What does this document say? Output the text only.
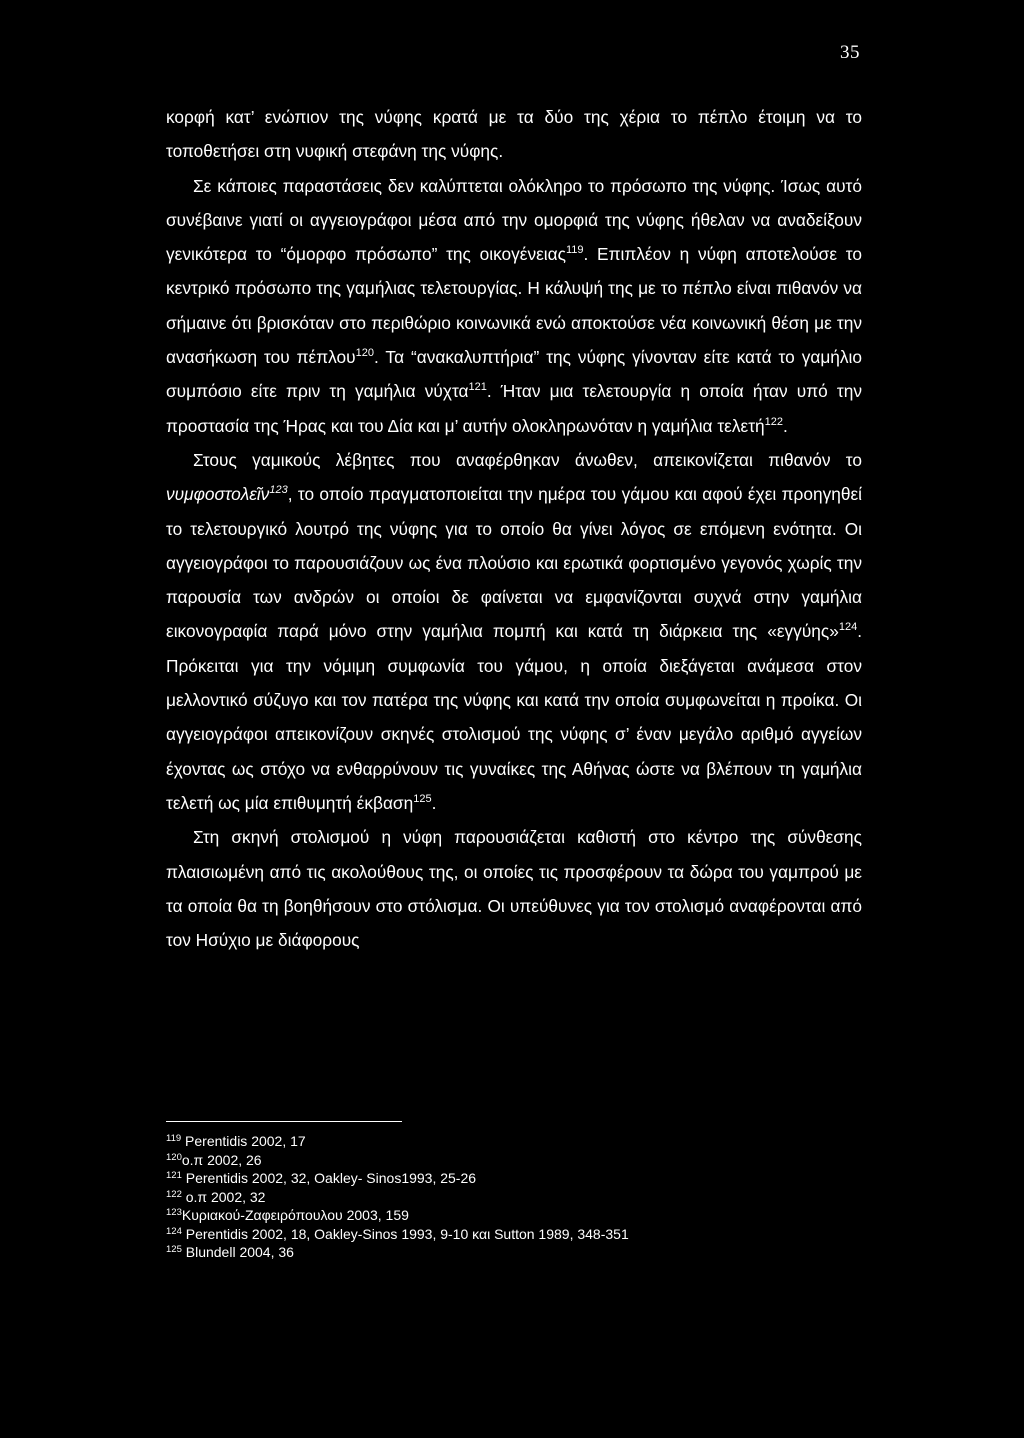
35

κορφή κατ’ ενώπιον της νύφης κρατά με τα δύο της χέρια το πέπλο έτοιμη να το τοποθετήσει στη νυφική στεφάνη της νύφης.

Σε κάποιες παραστάσεις δεν καλύπτεται ολόκληρο το πρόσωπο της νύφης. Ίσως αυτό συνέβαινε γιατί οι αγγειογράφοι μέσα από την ομορφιά της νύφης ήθελαν να αναδείξουν γενικότερα το “όμορφο πρόσωπο” της οικογένειας$^{119}$. Επιπλέον η νύφη αποτελούσε το κεντρικό πρόσωπο της γαμήλιας τελετουργίας. Η κάλυψή της με το πέπλο είναι πιθανόν να σήμαινε ότι βρισκόταν στο περιθώριο κοινωνικά ενώ αποκτούσε νέα κοινωνική θέση με την ανασήκωση του πέπλου$^{120}$. Τα “ανακαλυπτήρια” της νύφης γίνονταν είτε κατά το γαμήλιο συμπόσιο είτε πριν τη γαμήλια νύχτα$^{121}$. Ήταν μια τελετουργία η οποία ήταν υπό την προστασία της Ήρας και του Δία και μ’ αυτήν ολοκληρωνόταν η γαμήλια τελετή$^{122}$.

Στους γαμικούς λέβητες που αναφέρθηκαν άνωθεν, απεικονίζεται πιθανόν το νυμφοστολεῖν$^{123}$, το οποίο πραγματοποιείται την ημέρα του γάμου και αφού έχει προηγηθεί το τελετουργικό λουτρό της νύφης για το οποίο θα γίνει λόγος σε επόμενη ενότητα. Οι αγγειογράφοι το παρουσιάζουν ως ένα πλούσιο και ερωτικά φορτισμένο γεγονός χωρίς την παρουσία των ανδρών οι οποίοι δε φαίνεται να εμφανίζονται συχνά στην γαμήλια εικονογραφία παρά μόνο στην γαμήλια πομπή και κατά τη διάρκεια της «εγγύης»$^{124}$. Πρόκειται για την νόμιμη συμφωνία του γάμου, η οποία διεξάγεται ανάμεσα στον μελλοντικό σύζυγο και τον πατέρα της νύφης και κατά την οποία συμφωνείται η προίκα. Οι αγγειογράφοι απεικονίζουν σκηνές στολισμού της νύφης σ’ έναν μεγάλο αριθμό αγγείων έχοντας ως στόχο να ενθαρρύνουν τις γυναίκες της Αθήνας ώστε να βλέπουν τη γαμήλια τελετή ως μία επιθυμητή έκβαση$^{125}$.

Στη σκηνή στολισμού η νύφη παρουσιάζεται καθιστή στο κέντρο της σύνθεσης πλαισιωμένη από τις ακολούθους της, οι οποίες τις προσφέρουν τα δώρα του γαμπρού με τα οποία θα τη βοηθήσουν στο στόλισμα. Οι υπεύθυνες για τον στολισμό αναφέρονται από τον Ησύχιο με διάφορους

$^{119}$ Perentidis 2002, 17
$^{120}$ο.π 2002, 26
$^{121}$ Perentidis 2002, 32, Oakley- Sinos1993, 25-26
$^{122}$ ο.π 2002, 32
$^{123}$Κυριακού-Ζαφειρόπουλου 2003, 159
$^{124}$ Perentidis 2002, 18, Oakley-Sinos 1993, 9-10 και Sutton 1989, 348-351
$^{125}$ Blundell 2004, 36
